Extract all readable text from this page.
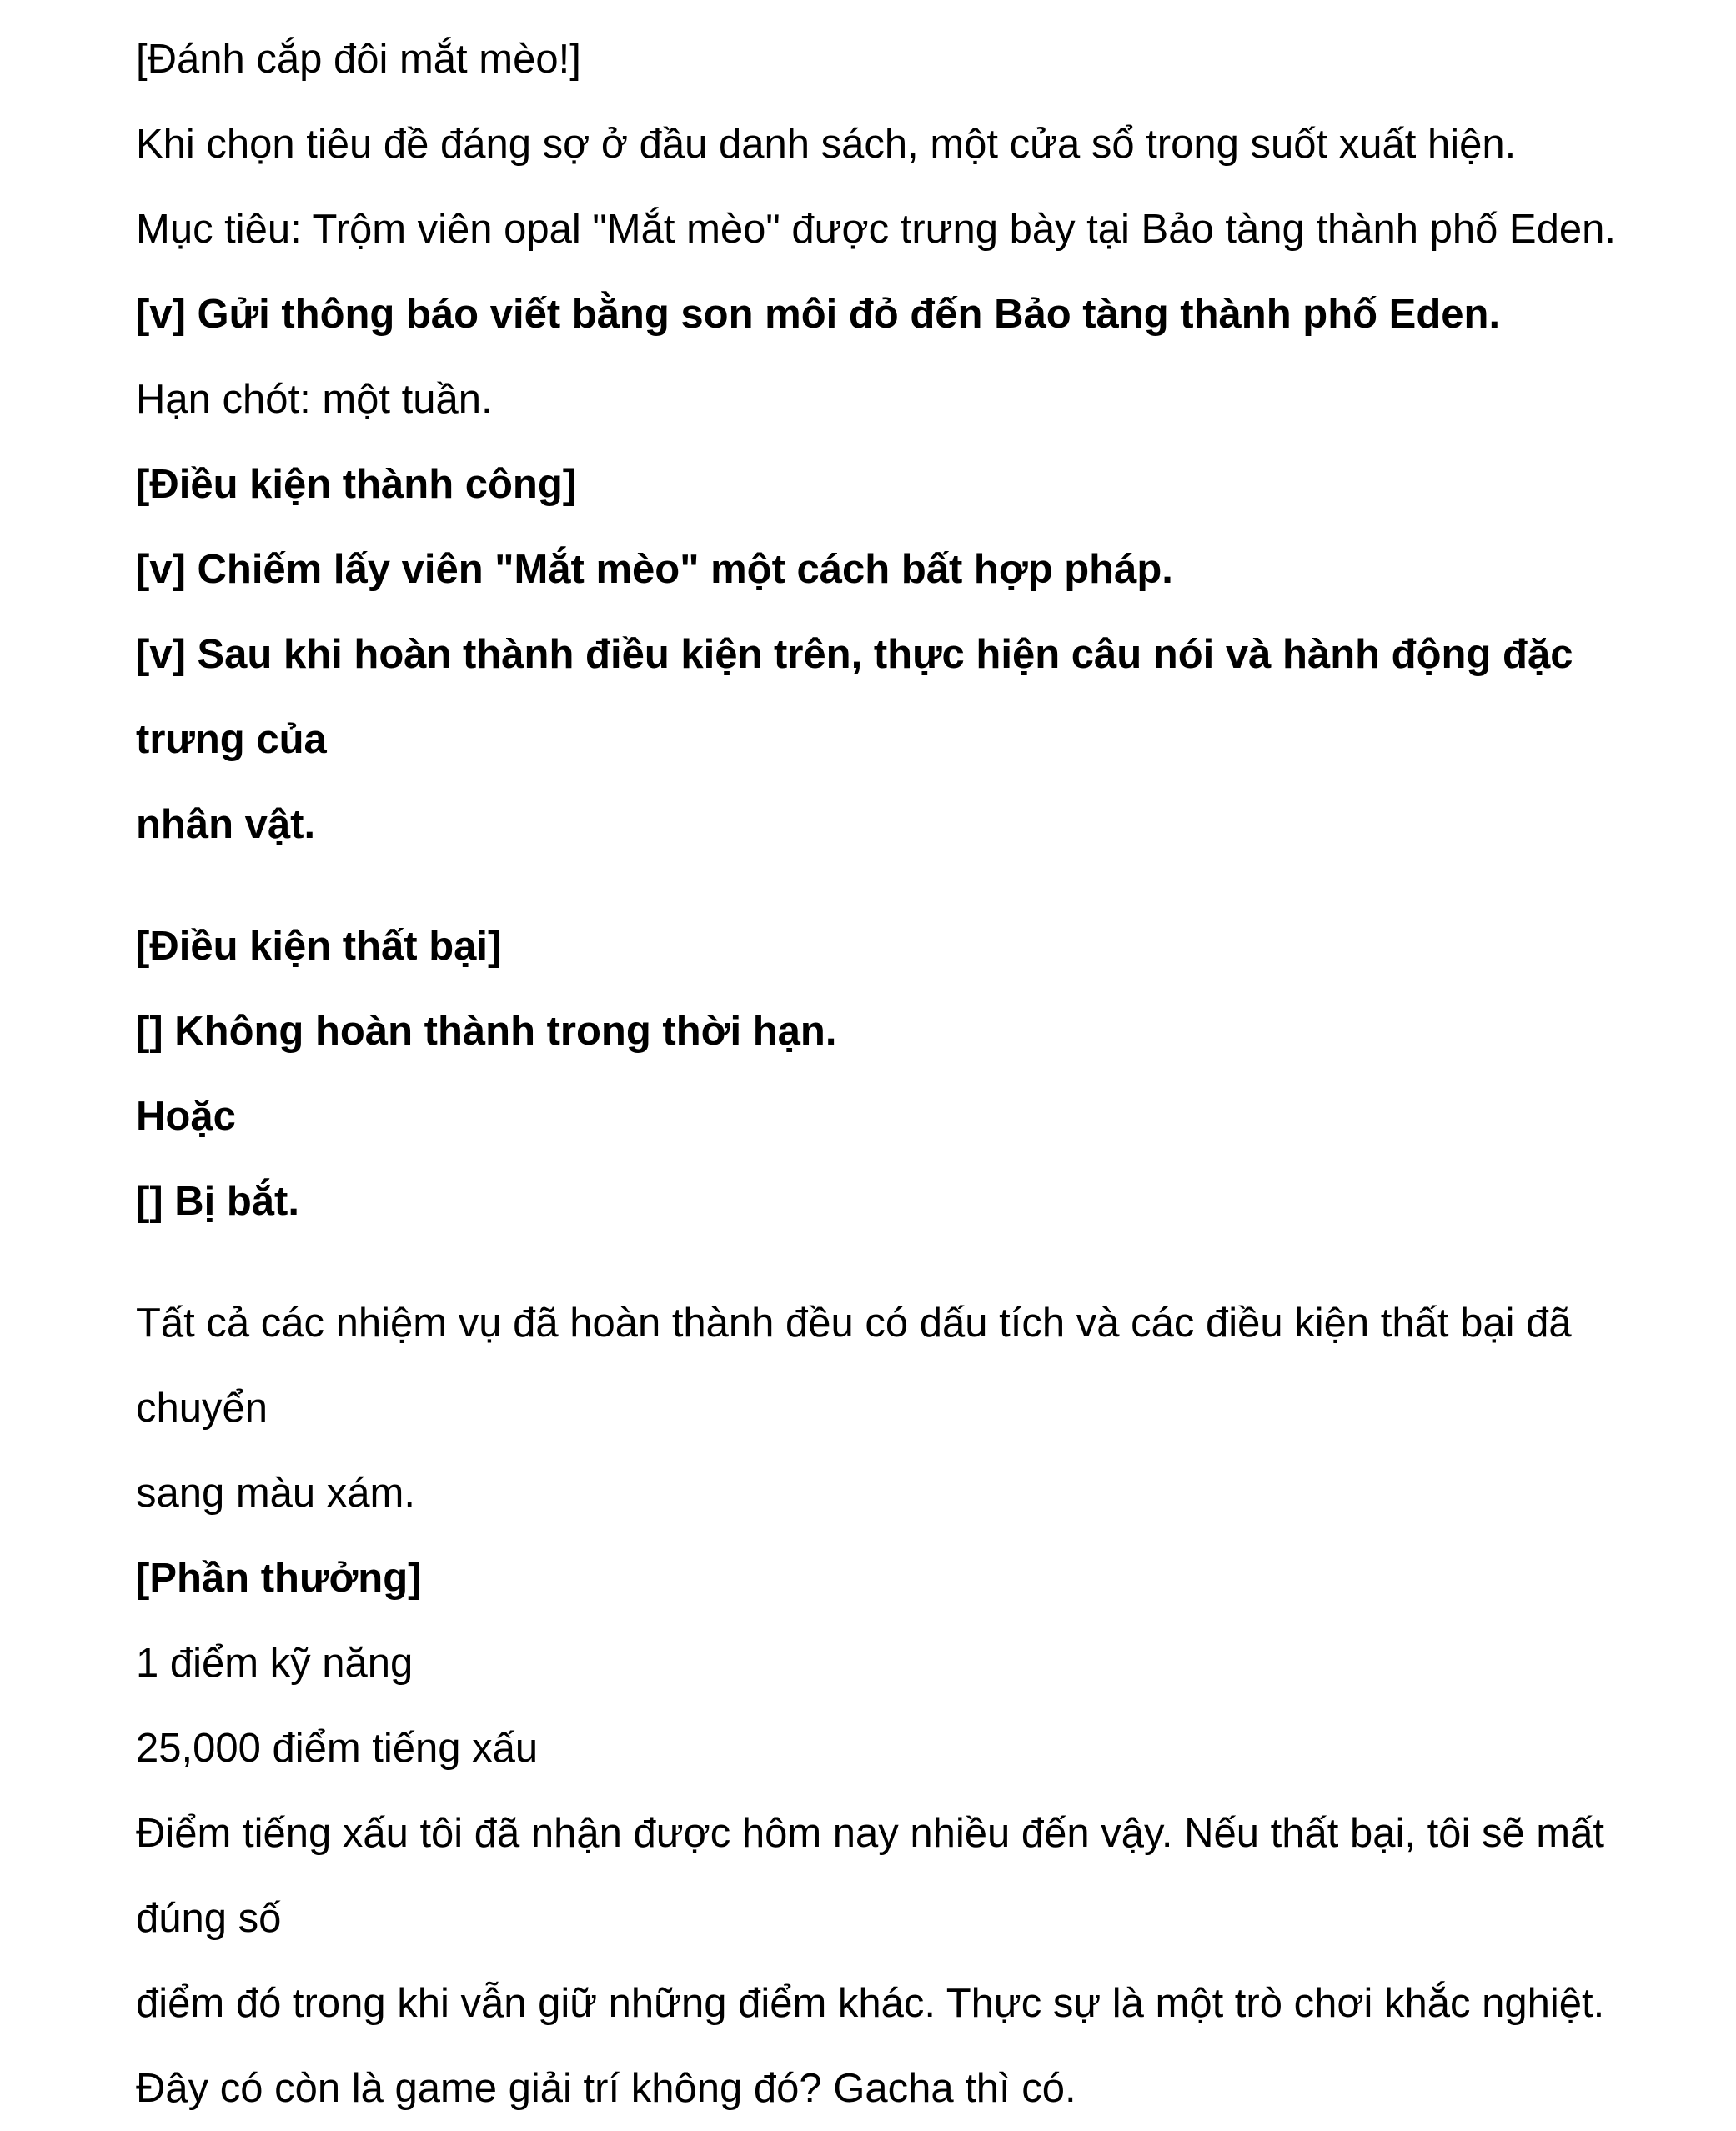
[Đánh cắp đôi mắt mèo!]

Khi chọn tiêu đề đáng sợ ở đầu danh sách, một cửa sổ trong suốt xuất hiện.

Mục tiêu: Trộm viên opal "Mắt mèo" được trưng bày tại Bảo tàng thành phố Eden.

[v] Gửi thông báo viết bằng son môi đỏ đến Bảo tàng thành phố Eden.

Hạn chót: một tuần.

[Điều kiện thành công]

[v] Chiếm lấy viên "Mắt mèo" một cách bất hợp pháp.

[v] Sau khi hoàn thành điều kiện trên, thực hiện câu nói và hành động đặc trưng của
nhân vật.

[Điều kiện thất bại]

[] Không hoàn thành trong thời hạn.

Hoặc

[] Bị bắt.

Tất cả các nhiệm vụ đã hoàn thành đều có dấu tích và các điều kiện thất bại đã chuyển
sang màu xám.

[Phần thưởng]

1 điểm kỹ năng

25,000 điểm tiếng xấu

Điểm tiếng xấu tôi đã nhận được hôm nay nhiều đến vậy. Nếu thất bại, tôi sẽ mất đúng số
điểm đó trong khi vẫn giữ những điểm khác. Thực sự là một trò chơi khắc nghiệt.

Đây có còn là game giải trí không đó? Gacha thì có.
